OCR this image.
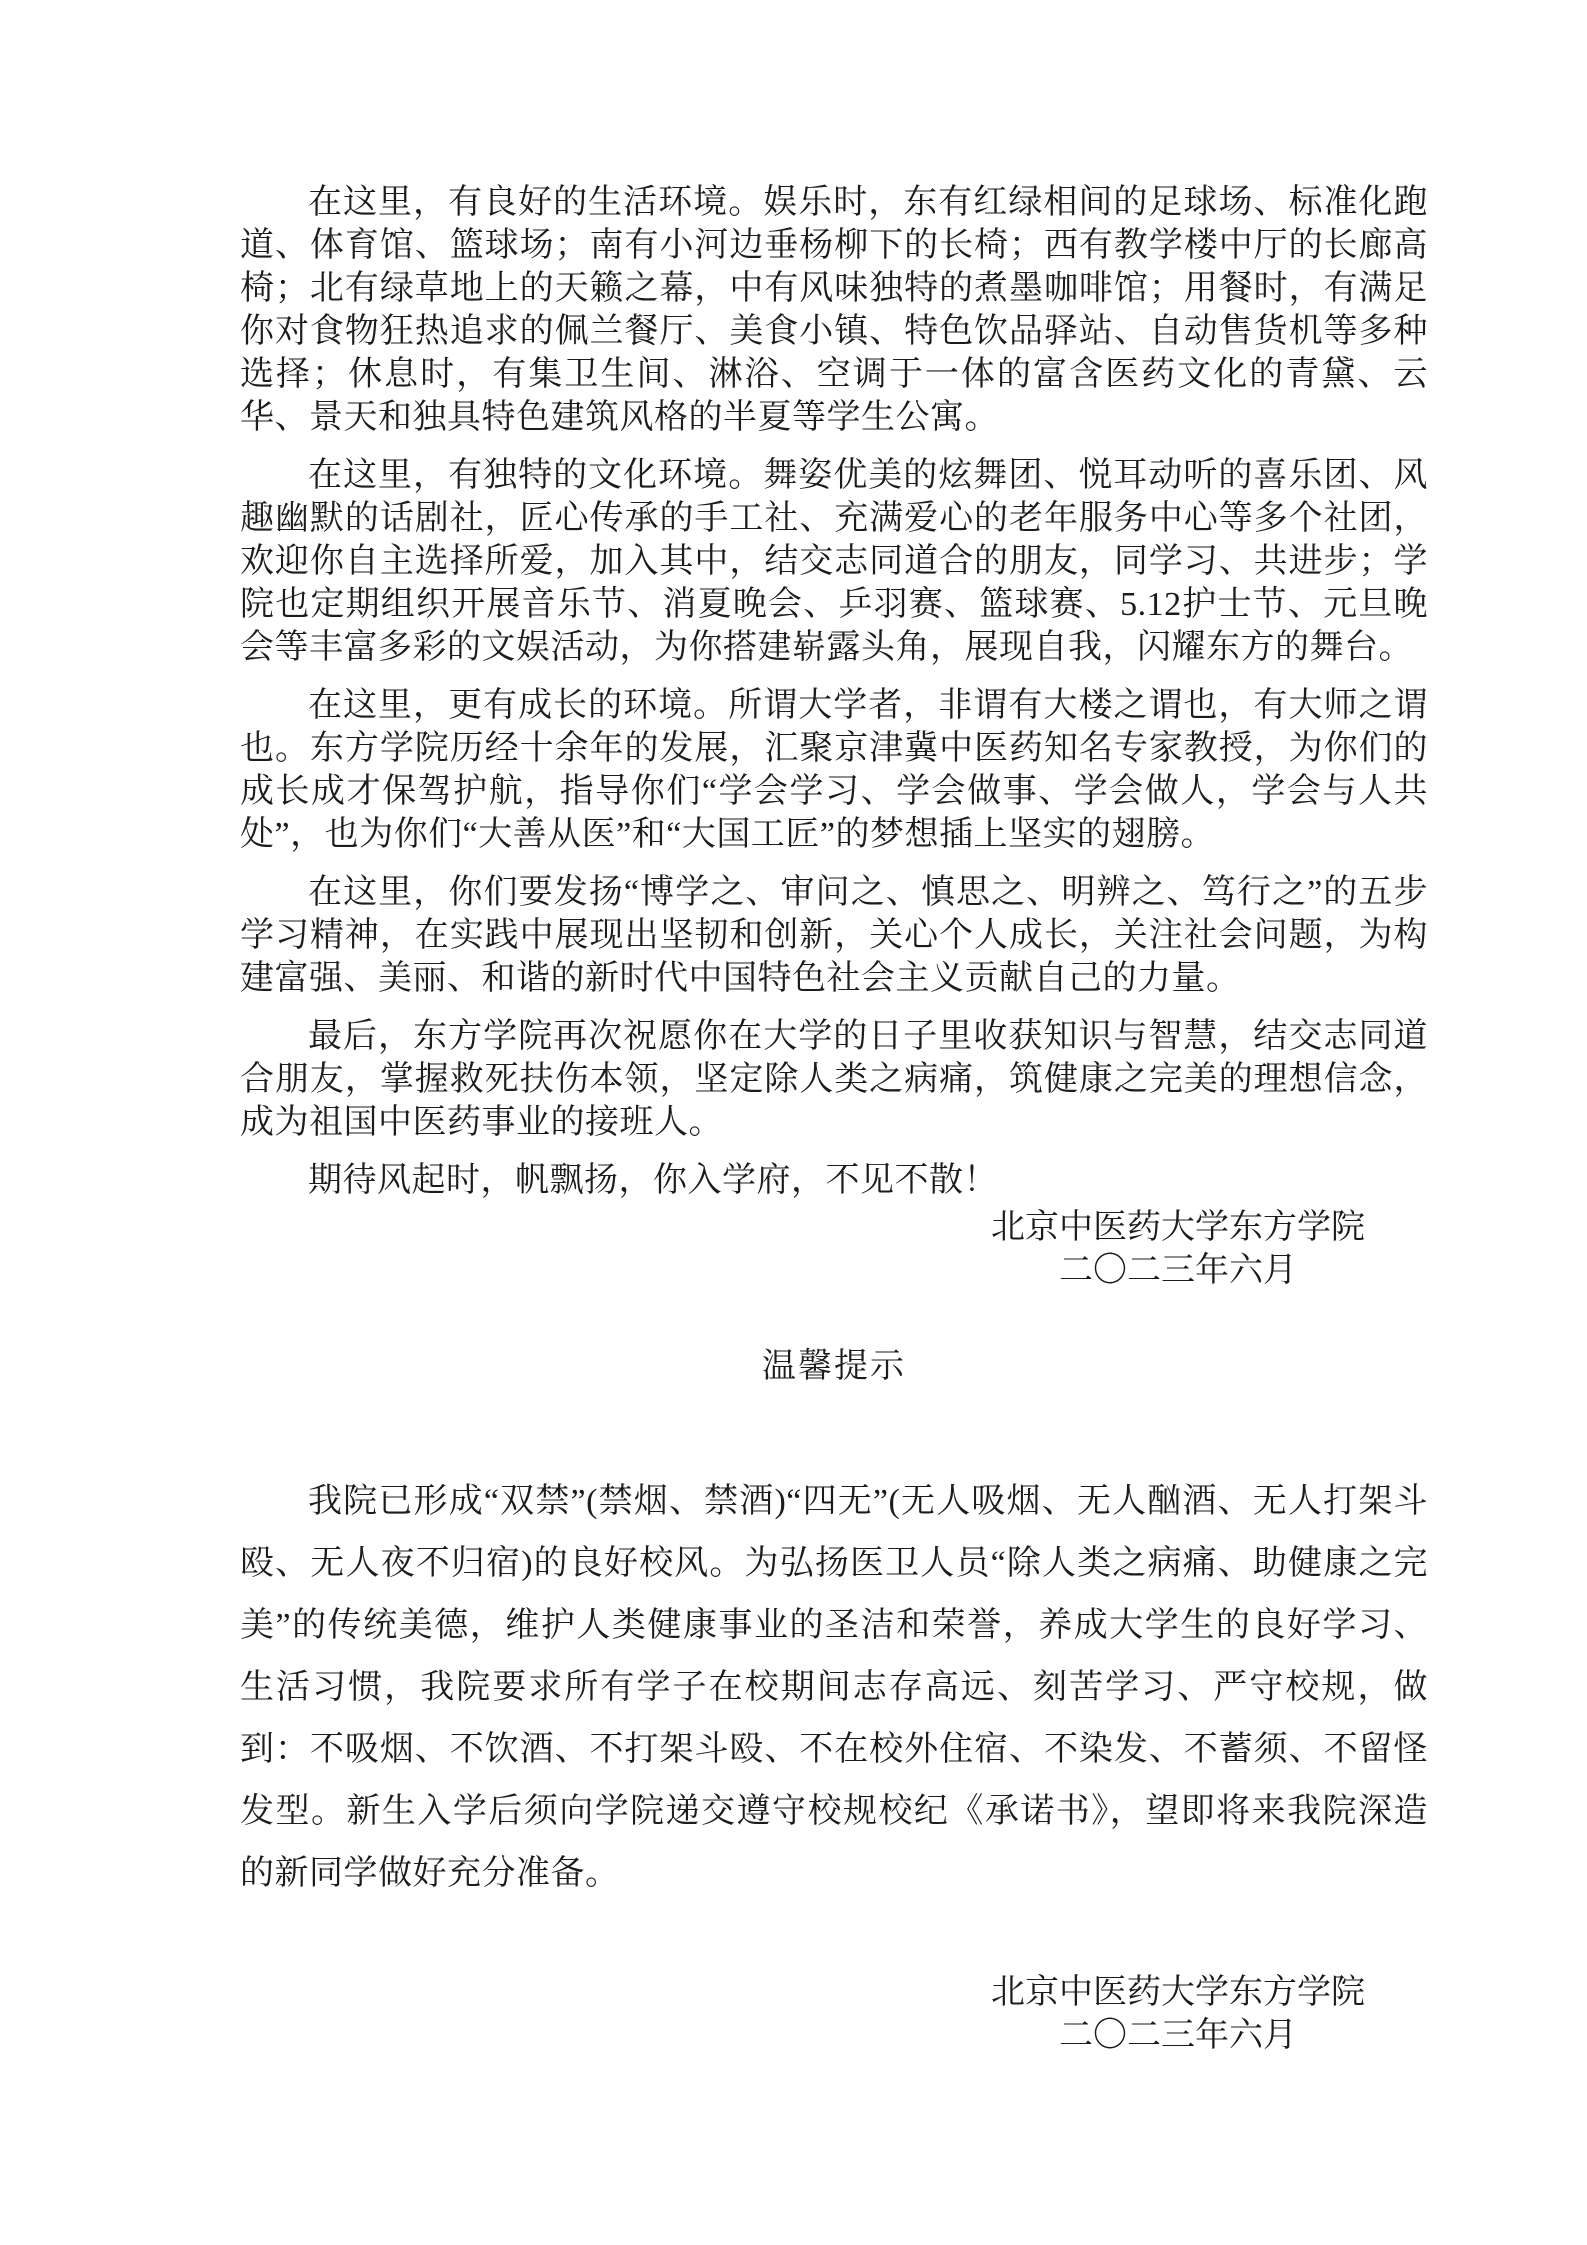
在这里，有良好的生活环境。娱乐时，东有红绿相间的足球场、标准化跑道、体育馆、篮球场；南有小河边垂杨柳下的长椅；西有教学楼中厅的长廊高椅；北有绿草地上的天籁之幕，中有风味独特的煮墨咖啡馆；用餐时，有满足你对食物狂热追求的佩兰餐厅、美食小镇、特色饮品驿站、自动售货机等多种选择；休息时，有集卫生间、淋浴、空调于一体的富含医药文化的青黛、云华、景天和独具特色建筑风格的半夏等学生公寓。

在这里，有独特的文化环境。舞姿优美的炫舞团、悦耳动听的喜乐团、风趣幽默的话剧社，匠心传承的手工社、充满爱心的老年服务中心等多个社团，欢迎你自主选择所爱，加入其中，结交志同道合的朋友，同学习、共进步；学院也定期组织开展音乐节、消夏晚会、乒羽赛、篮球赛、5.12护士节、元旦晚会等丰富多彩的文娱活动，为你搭建崭露头角，展现自我，闪耀东方的舞台。

在这里，更有成长的环境。所谓大学者，非谓有大楼之谓也，有大师之谓也。东方学院历经十余年的发展，汇聚京津冀中医药知名专家教授，为你们的成长成才保驾护航，指导你们“学会学习、学会做事、学会做人，学会与人共处”，也为你们“大善从医”和“大国工匠”的梦想插上坚实的翅膀。

在这里，你们要发扬“博学之、审问之、慎思之、明辨之、笃行之”的五步学习精神，在实践中展现出坚韧和创新，关心个人成长，关注社会问题，为构建富强、美丽、和谐的新时代中国特色社会主义贡献自己的力量。

最后，东方学院再次祝愿你在大学的日子里收获知识与智慧，结交志同道合朋友，掌握救死扶伤本领，坚定除人类之病痛，筑健康之完美的理想信念，成为祖国中医药事业的接班人。

期待风起时，帆飘扬，你入学府，不见不散！

北京中医药大学东方学院
二〇二三年六月
温馨提示

我院已形成“双禁”(禁烟、禁酒)“四无”(无人吸烟、无人酗酒、无人打架斗殴、无人夜不归宿)的良好校风。为弘扬医卫人员“除人类之病痛、助健康之完美”的传统美德，维护人类健康事业的圣洁和荣誉，养成大学生的良好学习、生活习惯，我院要求所有学子在校期间志存高远、刻苦学习、严守校规，做到：不吸烟、不饮酒、不打架斗殴、不在校外住宿、不染发、不蓄须、不留怪发型。新生入学后须向学院递交遵守校规校纪《承诺书》，望即将来我院深造的新同学做好充分准备。

北京中医药大学东方学院
二〇二三年六月
